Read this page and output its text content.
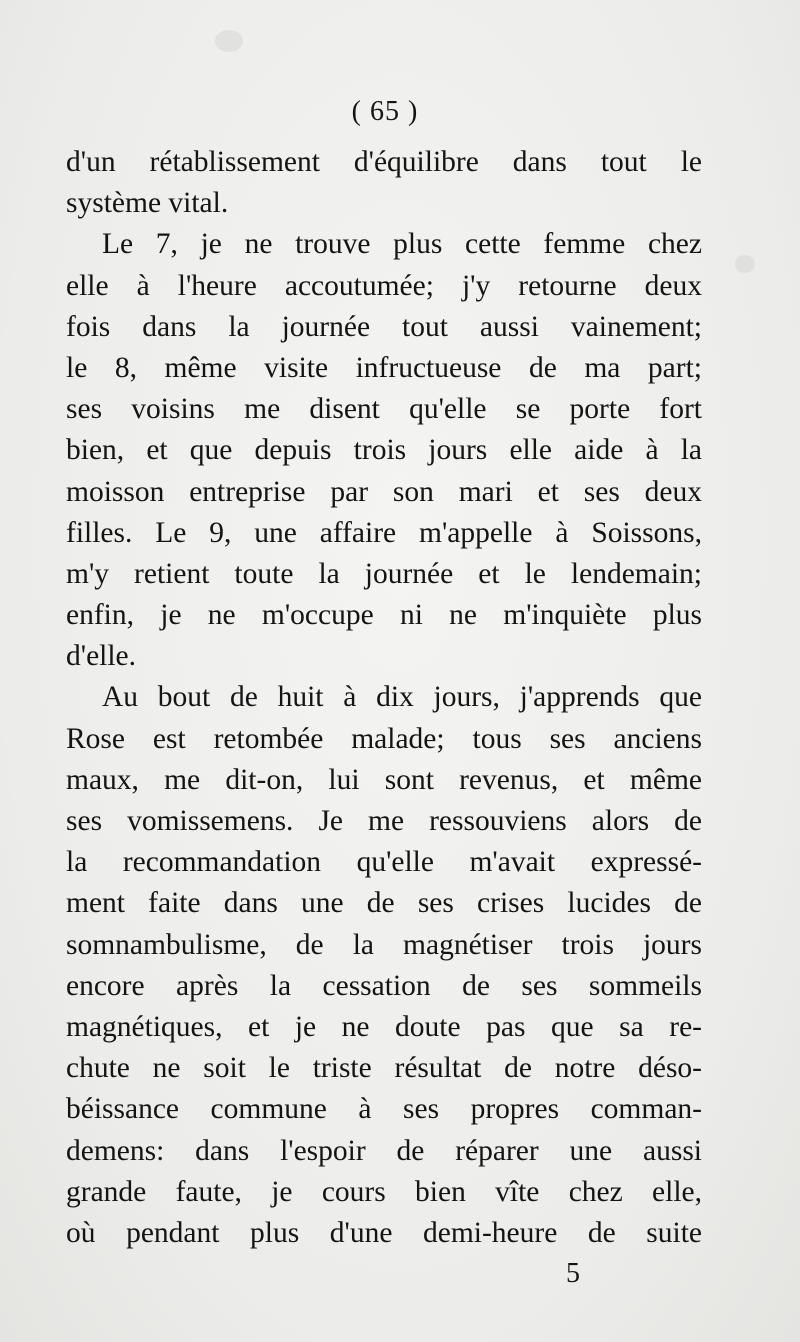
( 65 )
d'un rétablissement d'équilibre dans tout le
système vital.
Le 7, je ne trouve plus cette femme chez
elle à l'heure accoutumée; j'y retourne deux
fois dans la journée tout aussi vainement;
le 8, même visite infructueuse de ma part;
ses voisins me disent qu'elle se porte fort
bien, et que depuis trois jours elle aide à la
moisson entreprise par son mari et ses deux
filles. Le 9, une affaire m'appelle à Soissons,
m'y retient toute la journée et le lendemain;
enfin, je ne m'occupe ni ne m'inquiète plus
d'elle.
Au bout de huit à dix jours, j'apprends que
Rose est retombée malade; tous ses anciens
maux, me dit-on, lui sont revenus, et même
ses vomissemens. Je me ressouviens alors de
la recommandation qu'elle m'avait expressé-
ment faite dans une de ses crises lucides de
somnambulisme, de la magnétiser trois jours
encore après la cessation de ses sommeils
magnétiques, et je ne doute pas que sa re-
chute ne soit le triste résultat de notre déso-
béissance commune à ses propres comman-
demens: dans l'espoir de réparer une aussi
grande faute, je cours bien vîte chez elle,
où pendant plus d'une demi-heure de suite
5
